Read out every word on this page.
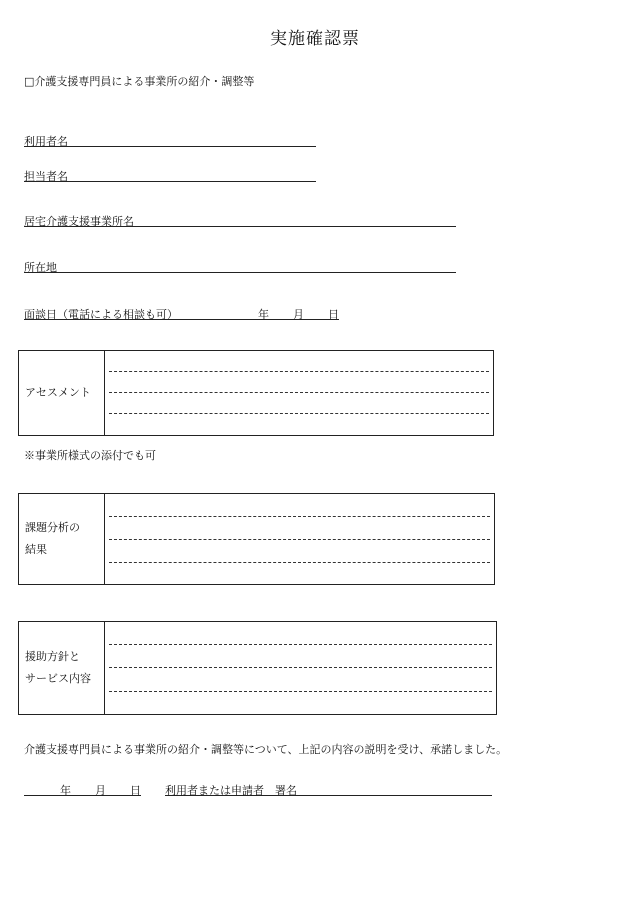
実施確認票
□介護支援専門員による事業所の紹介・調整等
利用者名
担当者名
居宅介護支援事業所名
所在地
面談日（電話による相談も可）	年 月 日
アセスメント
※事業所様式の添付でも可
課題分析の
結果
援助方針と
サービス内容
介護支援専門員による事業所の紹介・調整等について、上記の内容の説明を受け、承諾しました。
年 月 日 利用者または申請者　署名
